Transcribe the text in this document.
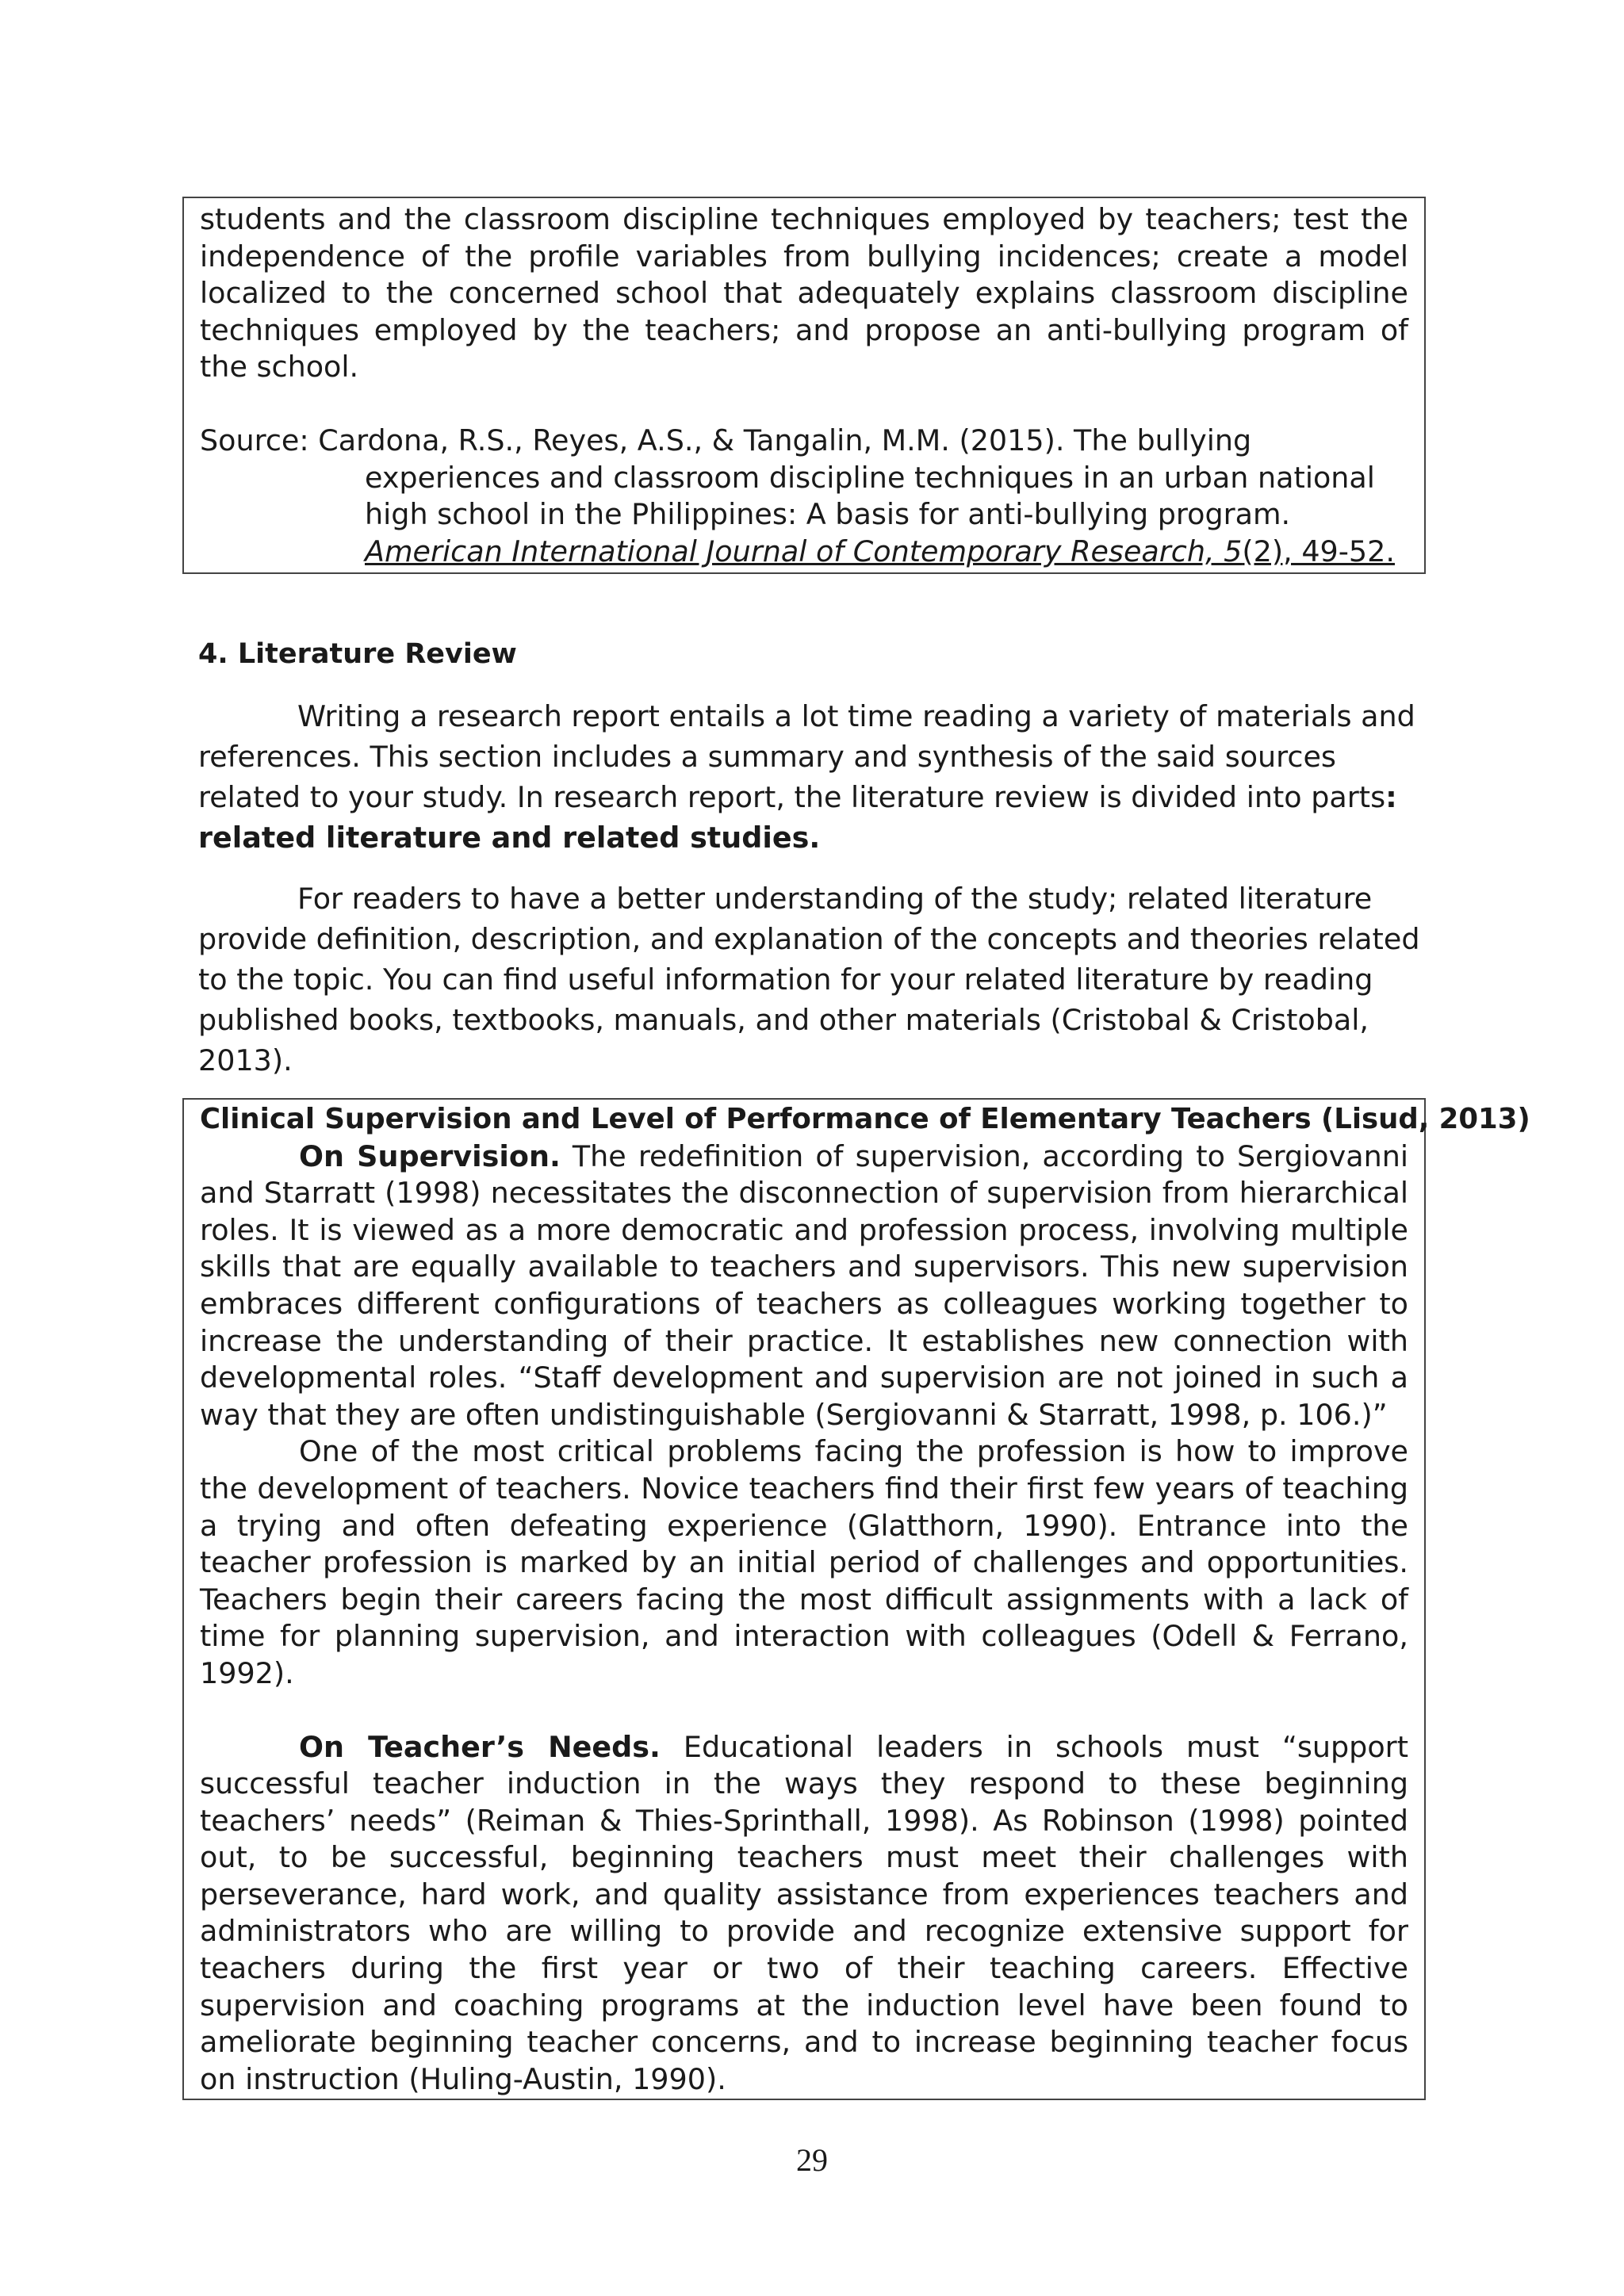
students and the classroom discipline techniques employed by teachers; test the independence of the profile variables from bullying incidences; create a model localized to the concerned school that adequately explains classroom discipline techniques employed by the teachers; and propose an anti-bullying program of the school.

Source: Cardona, R.S., Reyes, A.S., & Tangalin, M.M. (2015). The bullying
experiences and classroom discipline techniques in an urban national
high school in the Philippines: A basis for anti-bullying program.
American International Journal of Contemporary Research, 5(2), 49-52.

4. Literature Review

Writing a research report entails a lot time reading a variety of materials and references. This section includes a summary and synthesis of the said sources related to your study. In research report, the literature review is divided into parts: related literature and related studies.

For readers to have a better understanding of the study; related literature provide definition, description, and explanation of the concepts and theories related to the topic. You can find useful information for your related literature by reading published books, textbooks, manuals, and other materials (Cristobal & Cristobal, 2013).

Clinical Supervision and Level of Performance of Elementary Teachers (Lisud, 2013)

On Supervision. The redefinition of supervision, according to Sergiovanni and Starratt (1998) necessitates the disconnection of supervision from hierarchical roles. It is viewed as a more democratic and profession process, involving multiple skills that are equally available to teachers and supervisors. This new supervision embraces different configurations of teachers as colleagues working together to increase the understanding of their practice. It establishes new connection with developmental roles. “Staff development and supervision are not joined in such a way that they are often undistinguishable (Sergiovanni & Starratt, 1998, p. 106.)”

One of the most critical problems facing the profession is how to improve the development of teachers. Novice teachers find their first few years of teaching a trying and often defeating experience (Glatthorn, 1990). Entrance into the teacher profession is marked by an initial period of challenges and opportunities. Teachers begin their careers facing the most difficult assignments with a lack of time for planning supervision, and interaction with colleagues (Odell & Ferrano, 1992).

On Teacher’s Needs. Educational leaders in schools must “support successful teacher induction in the ways they respond to these beginning teachers’ needs” (Reiman & Thies-Sprinthall, 1998). As Robinson (1998) pointed out, to be successful, beginning teachers must meet their challenges with perseverance, hard work, and quality assistance from experiences teachers and administrators who are willing to provide and recognize extensive support for teachers during the first year or two of their teaching careers. Effective supervision and coaching programs at the induction level have been found to ameliorate beginning teacher concerns, and to increase beginning teacher focus on instruction (Huling-Austin, 1990).

29
